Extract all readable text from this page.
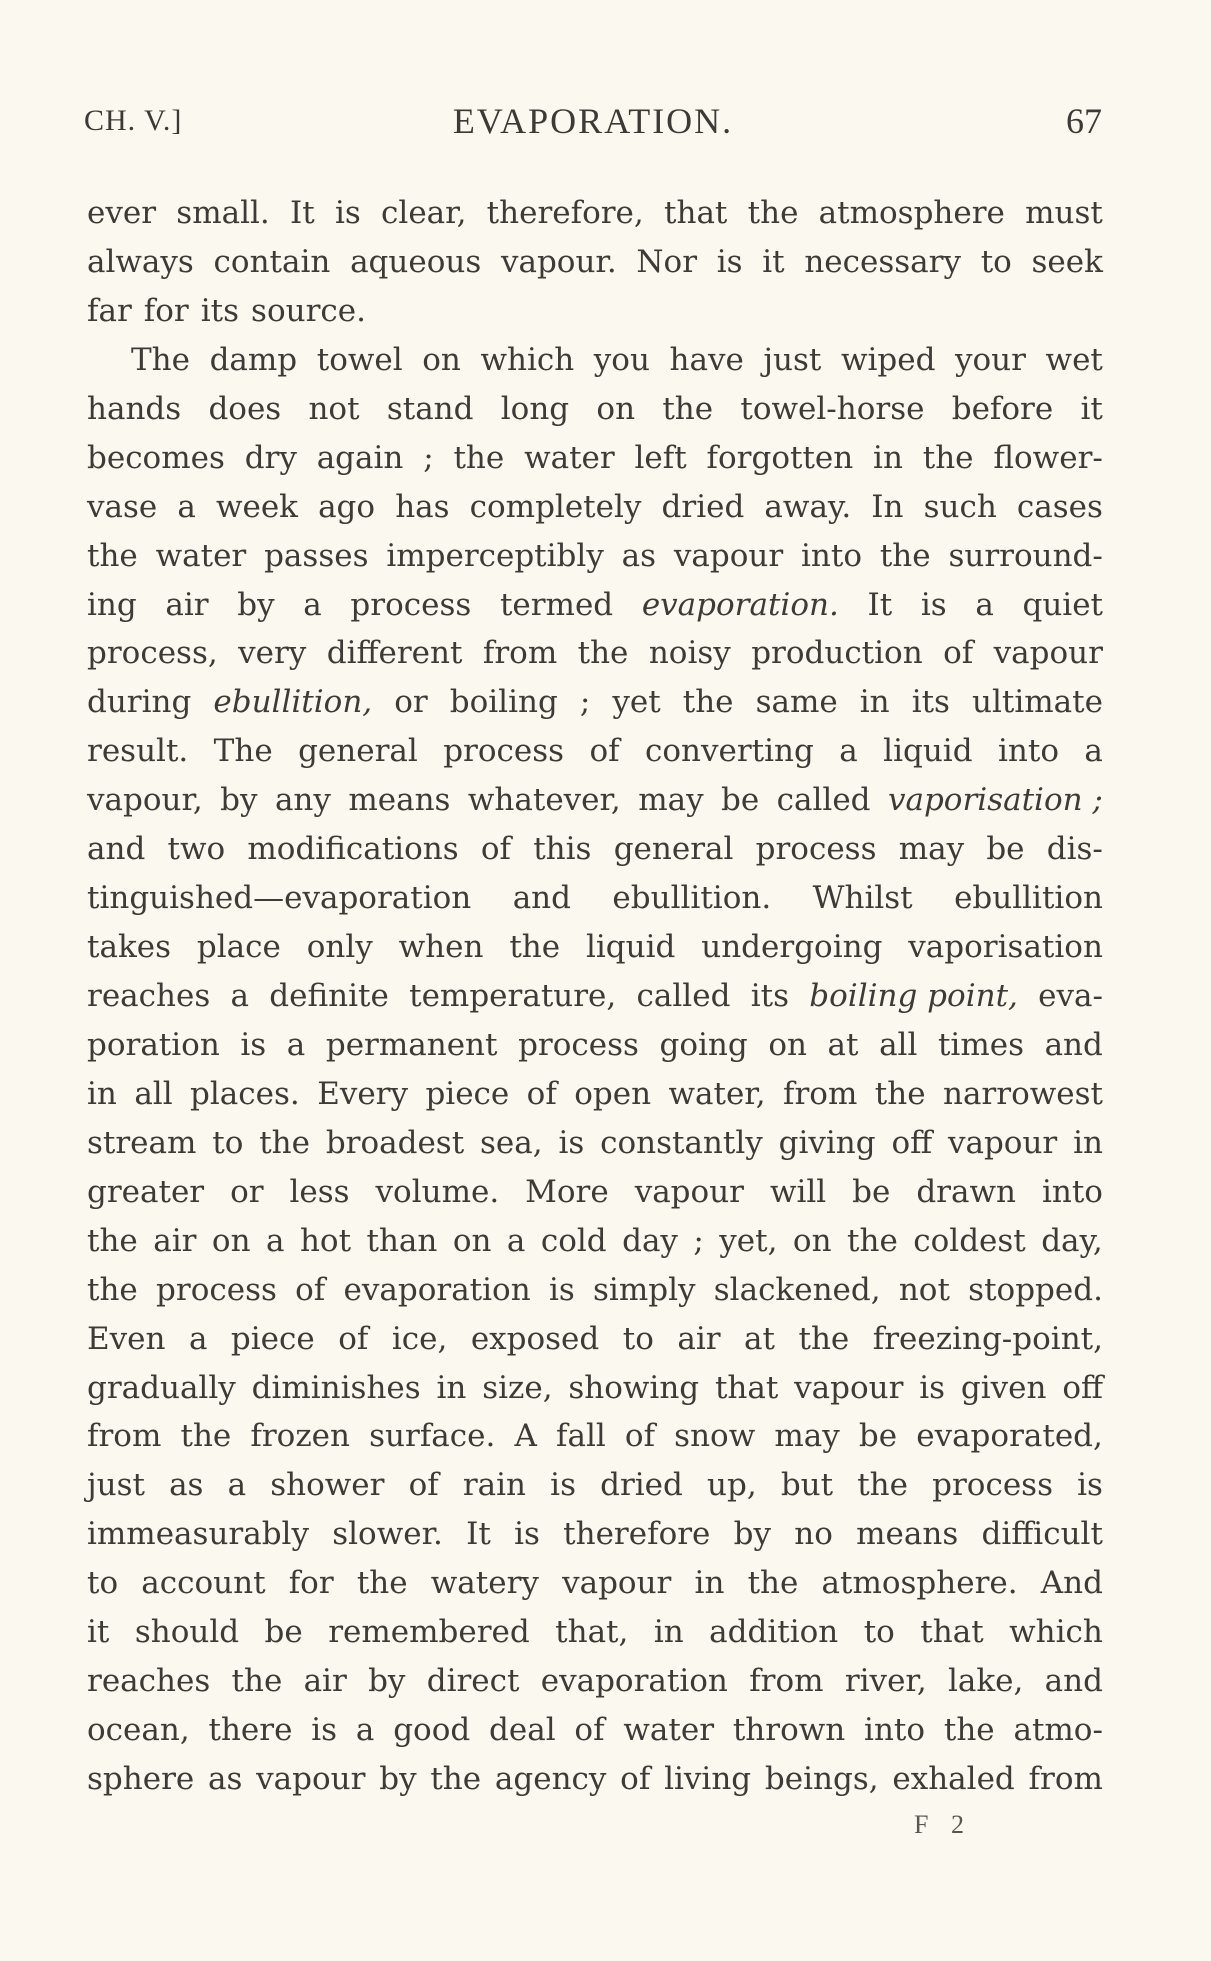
CH. V.]	EVAPORATION.	67
ever small. It is clear, therefore, that the atmosphere must
always contain aqueous vapour. Nor is it necessary to seek
far for its source.
The damp towel on which you have just wiped your wet
hands does not stand long on the towel-horse before it
becomes dry again ; the water left forgotten in the flower-
vase a week ago has completely dried away. In such cases
the water passes imperceptibly as vapour into the surround-
ing air by a process termed evaporation. It is a quiet
process, very different from the noisy production of vapour
during ebullition, or boiling ; yet the same in its ultimate
result. The general process of converting a liquid into a
vapour, by any means whatever, may be called vaporisation ;
and two modifications of this general process may be dis-
tinguished—evaporation and ebullition. Whilst ebullition
takes place only when the liquid undergoing vaporisation
reaches a definite temperature, called its boiling point, eva-
poration is a permanent process going on at all times and
in all places. Every piece of open water, from the narrowest
stream to the broadest sea, is constantly giving off vapour in
greater or less volume. More vapour will be drawn into
the air on a hot than on a cold day ; yet, on the coldest day,
the process of evaporation is simply slackened, not stopped.
Even a piece of ice, exposed to air at the freezing-point,
gradually diminishes in size, showing that vapour is given off
from the frozen surface. A fall of snow may be evaporated,
just as a shower of rain is dried up, but the process is
immeasurably slower. It is therefore by no means difficult
to account for the watery vapour in the atmosphere. And
it should be remembered that, in addition to that which
reaches the air by direct evaporation from river, lake, and
ocean, there is a good deal of water thrown into the atmo-
sphere as vapour by the agency of living beings, exhaled from
F 2
